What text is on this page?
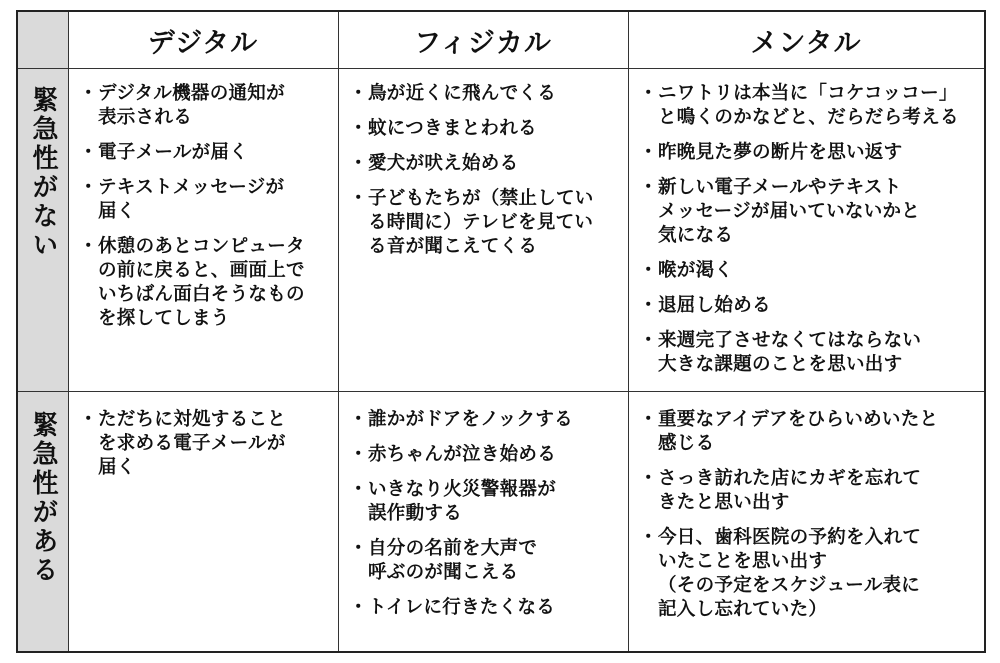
デジタル	フィジカル	メンタル
緊急性がない
緊急性がある
・ デジタル機器の通知が
表示される
・ 電子メールが届く
・ テキストメッセージが
届く
・ 休憩のあとコンピュータ
の前に戻ると、画面上で
いちばん面白そうなもの
を探してしまう
・ 鳥が近くに飛んでくる
・ 蚊につきまとわれる
・ 愛犬が吠え始める
・ 子どもたちが（禁止してい
る時間に）テレビを見てい
る音が聞こえてくる
・ ニワトリは本当に「コケコッコー」
と鳴くのかなどと、だらだら考える
・ 昨晩見た夢の断片を思い返す
・ 新しい電子メールやテキスト
メッセージが届いていないかと
気になる
・ 喉が渇く
・ 退屈し始める
・ 来週完了させなくてはならない
大きな課題のことを思い出す
・ ただちに対処すること
を求める電子メールが
届く
・ 誰かがドアをノックする
・ 赤ちゃんが泣き始める
・ いきなり火災警報器が
誤作動する
・ 自分の名前を大声で
呼ぶのが聞こえる
・ トイレに行きたくなる
・ 重要なアイデアをひらいめいたと
感じる
・ さっき訪れた店にカギを忘れて
きたと思い出す
・ 今日、歯科医院の予約を入れて
いたことを思い出す
（その予定をスケジュール表に
記入し忘れていた）
